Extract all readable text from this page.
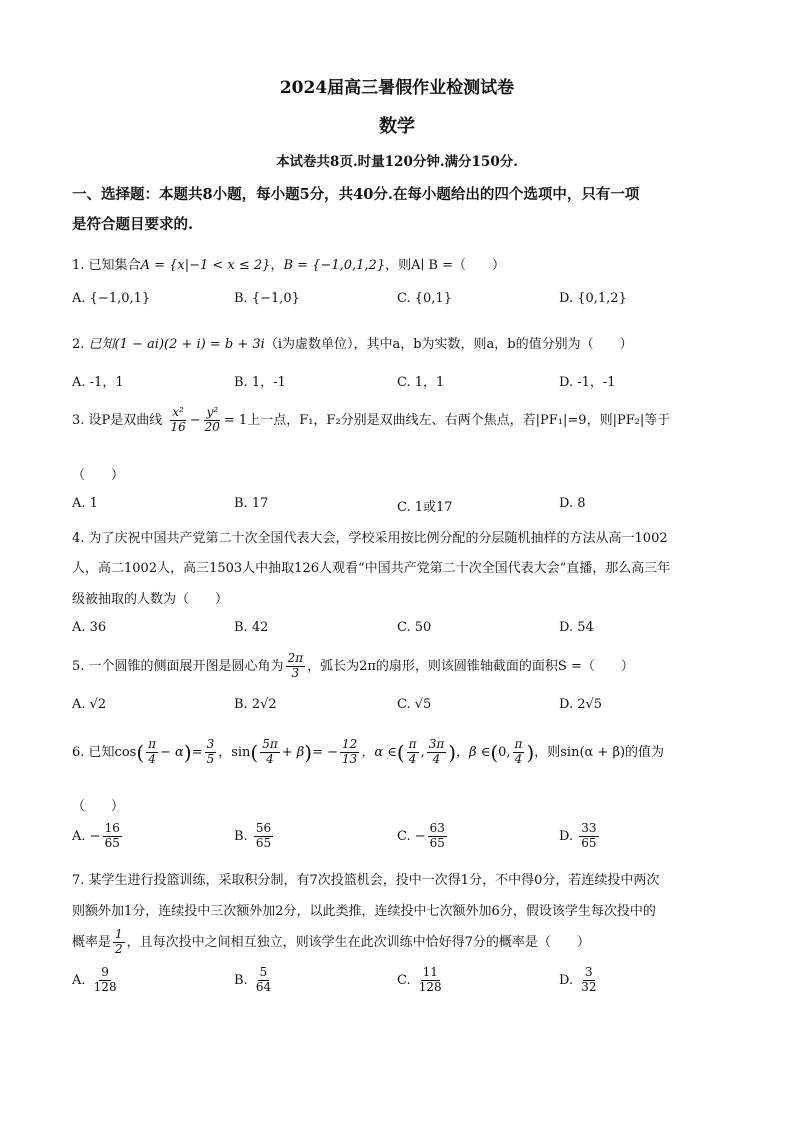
2024届高三暑假作业检测试卷
数学
本试卷共8页.时量120分钟.满分150分.
一、选择题：本题共8小题，每小题5分，共40分.在每小题给出的四个选项中，只有一项
是符合题目要求的.
1. 已知集合A = {x|−1 < x ≤ 2}，B = {−1,0,1,2}，则A∣ B =（　　）
A. {−1,0,1}	B. {−1,0}	C. {0,1}	D. {0,1,2}
2. 已知(1 − ai)(2 + i) = b + 3i（i为虚数单位），其中a，b为实数，则a，b的值分别为（　　）
A. -1，1	B. 1，-1	C. 1，1	D. -1，-1
3. 设P是双曲线 $\frac{\text{x²}}{16} - \frac{\text{y²}}{20} = 1$上一点，F₁，F₂分别是双曲线左、右两个焦点，若|PF₁|=9，则|PF₂|等于
（　　）
A. 1	B. 17	C. 1或17	D. 8
4. 为了庆祝中国共产党第二十次全国代表大会，学校采用按比例分配的分层随机抽样的方法从高一1002
人，高二1002人，高三1503人中抽取126人观看“中国共产党第二十次全国代表大会”直播，那么高三年
级被抽取的人数为（　　）
A. 36	B. 42	C. 50	D. 54
5. 一个圆锥的侧面展开图是圆心角为 $\frac{2\pi}{3}$ ，弧长为2π的扇形，则该圆锥轴截面的面积S =（　　）
A. √2	B. 2√2	C. √5	D. 2√5
6. 已知$\cos( \frac{\pi}{4} - \alpha)= \frac{3}{5}$ ，$\sin( \frac{5\pi}{4} + \beta)= - \frac{12}{13}$ ，α ∈( $\frac{\pi}{4}$ , $\frac{3\pi}{4}$ )，β ∈(0, $\frac{\pi}{4}$ )，则sin(α + β)的值为
（　　）
A. − $\frac{16}{65}$	B. $\frac{56}{65}$	C. − $\frac{63}{65}$	D. $\frac{33}{65}$
7. 某学生进行投篮训练，采取积分制，有7次投篮机会，投中一次得1分，不中得0分，若连续投中两次
则额外加1分，连续投中三次额外加2分，以此类推，连续投中七次额外加6分，假设该学生每次投中的
概率是 $\frac{1}{2}$ ，且每次投中之间相互独立，则该学生在此次训练中恰好得7分的概率是（　　）
A. $\frac{9}{128}$	B. $\frac{5}{64}$	C. $\frac{11}{128}$	D. $\frac{3}{32}$
